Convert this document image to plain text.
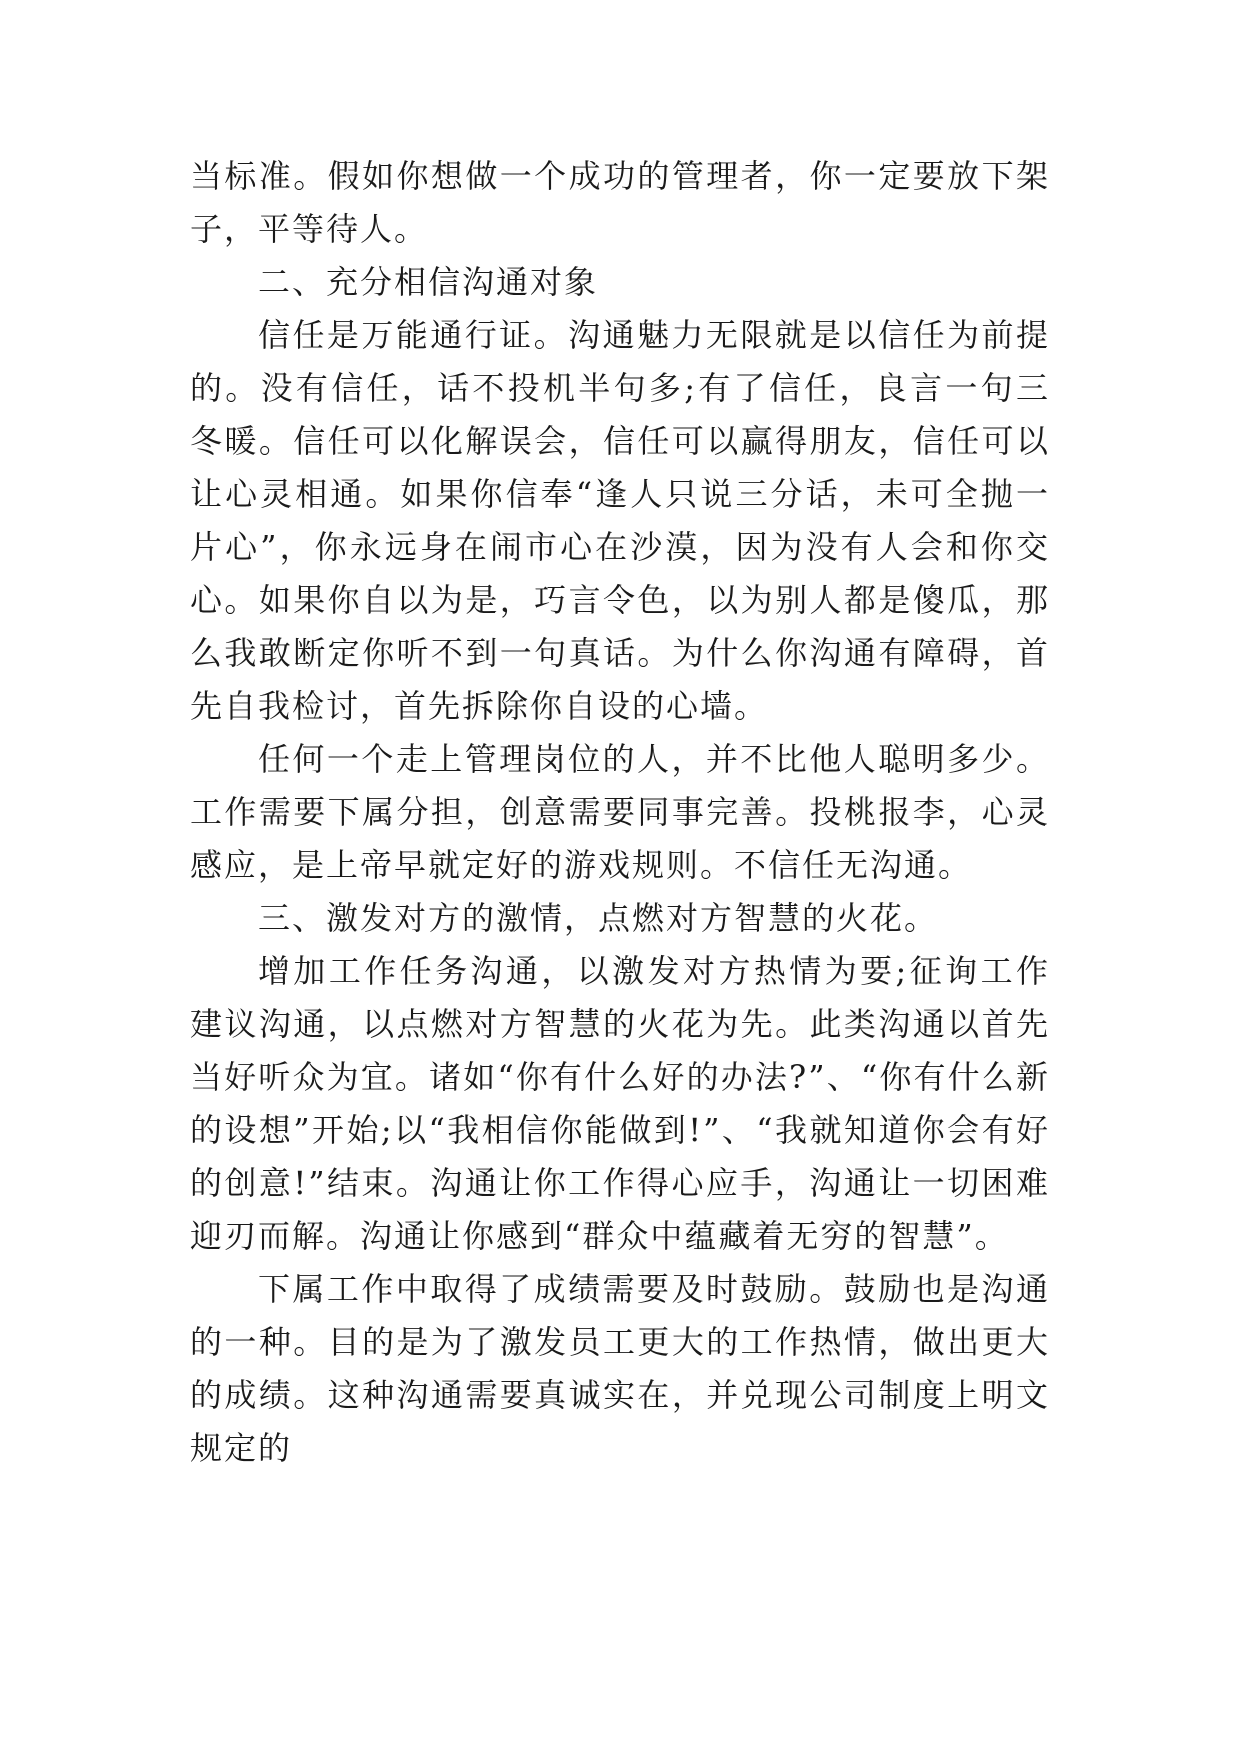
当标准。假如你想做一个成功的管理者，你一定要放下架子，平等待人。

二、充分相信沟通对象

信任是万能通行证。沟通魅力无限就是以信任为前提的。没有信任，话不投机半句多;有了信任，良言一句三冬暖。信任可以化解误会，信任可以赢得朋友，信任可以让心灵相通。如果你信奉“逢人只说三分话，未可全抛一片心”，你永远身在闹市心在沙漠，因为没有人会和你交心。如果你自以为是，巧言令色，以为别人都是傻瓜，那么我敢断定你听不到一句真话。为什么你沟通有障碍，首先自我检讨，首先拆除你自设的心墙。

任何一个走上管理岗位的人，并不比他人聪明多少。工作需要下属分担，创意需要同事完善。投桃报李，心灵感应，是上帝早就定好的游戏规则。不信任无沟通。

三、激发对方的激情，点燃对方智慧的火花。

增加工作任务沟通，以激发对方热情为要;征询工作建议沟通，以点燃对方智慧的火花为先。此类沟通以首先当好听众为宜。诸如“你有什么好的办法?”、“你有什么新的设想”开始;以“我相信你能做到!”、“我就知道你会有好的创意!”结束。沟通让你工作得心应手，沟通让一切困难迎刃而解。沟通让你感到“群众中蕴藏着无穷的智慧”。

下属工作中取得了成绩需要及时鼓励。鼓励也是沟通的一种。目的是为了激发员工更大的工作热情，做出更大的成绩。这种沟通需要真诚实在，并兑现公司制度上明文规定的
